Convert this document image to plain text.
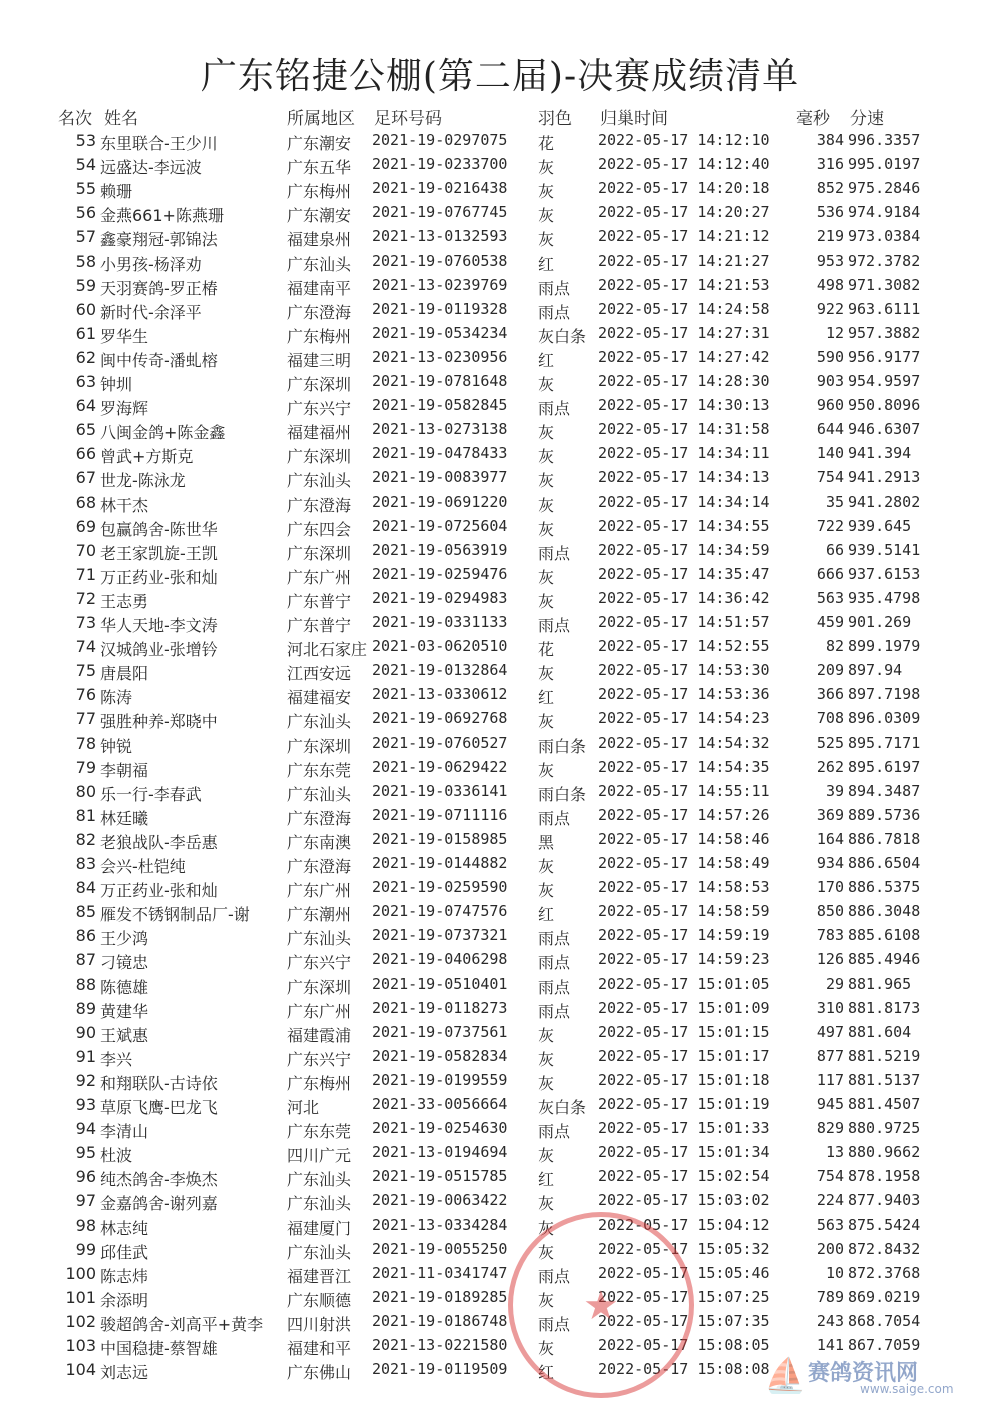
广东铭捷公棚(第二届)-决赛成绩清单
名次 姓名	所属地区 足环号码	羽色 归巢时间	毫秒 分速
53 东里联合-王少川	广东潮安	2021-19-0297075	花	2022-05-17 14:12:10	384 996.3357
54 远盛达-李远波	广东五华	2021-19-0233700	灰	2022-05-17 14:12:40	316 995.0197
55 赖珊	广东梅州	2021-19-0216438	灰	2022-05-17 14:20:18	852 975.2846
56 金燕661+陈燕珊	广东潮安	2021-19-0767745	灰	2022-05-17 14:20:27	536 974.9184
57 鑫豪翔冠-郭锦法	福建泉州	2021-13-0132593	灰	2022-05-17 14:21:12	219 973.0384
58 小男孩-杨泽劝	广东汕头	2021-19-0760538	红	2022-05-17 14:21:27	953 972.3782
59 天羽赛鸽-罗正椿	福建南平	2021-13-0239769	雨点	2022-05-17 14:21:53	498 971.3082
60 新时代-余泽平	广东澄海	2021-19-0119328	雨点	2022-05-17 14:24:58	922 963.6111
61 罗华生	广东梅州	2021-19-0534234	灰白条 2022-05-17 14:27:31	12 957.3882
62 闽中传奇-潘虬榕	福建三明	2021-13-0230956	红	2022-05-17 14:27:42	590 956.9177
63 钟圳	广东深圳	2021-19-0781648	灰	2022-05-17 14:28:30	903 954.9597
64 罗海辉	广东兴宁	2021-19-0582845	雨点	2022-05-17 14:30:13	960 950.8096
65 八闽金鸽+陈金鑫	福建福州	2021-13-0273138	灰	2022-05-17 14:31:58	644 946.6307
66 曾武+方斯克	广东深圳	2021-19-0478433	灰	2022-05-17 14:34:11	140 941.394
67 世龙-陈泳龙	广东汕头	2021-19-0083977	灰	2022-05-17 14:34:13	754 941.2913
68 林干杰	广东澄海	2021-19-0691220	灰	2022-05-17 14:34:14	35 941.2802
69 包赢鸽舍-陈世华	广东四会	2021-19-0725604	灰	2022-05-17 14:34:55	722 939.645
70 老王家凯旋-王凯	广东深圳	2021-19-0563919	雨点	2022-05-17 14:34:59	66 939.5141
71 万正药业-张和灿	广东广州	2021-19-0259476	灰	2022-05-17 14:35:47	666 937.6153
72 王志勇	广东普宁	2021-19-0294983	灰	2022-05-17 14:36:42	563 935.4798
73 华人天地-李文涛	广东普宁	2021-19-0331133	雨点	2022-05-17 14:51:57	459 901.269
74 汉城鸽业-张增钤	河北石家庄 2021-03-0620510	花	2022-05-17 14:52:55	82 899.1979
75 唐晨阳	江西安远	2021-19-0132864	灰	2022-05-17 14:53:30	209 897.94
76 陈涛	福建福安	2021-13-0330612	红	2022-05-17 14:53:36	366 897.7198
77 强胜种养-郑晓中	广东汕头	2021-19-0692768	灰	2022-05-17 14:54:23	708 896.0309
78 钟锐	广东深圳	2021-19-0760527	雨白条 2022-05-17 14:54:32	525 895.7171
79 李朝福	广东东莞	2021-19-0629422	灰	2022-05-17 14:54:35	262 895.6197
80 乐一行-李春武	广东汕头	2021-19-0336141	雨白条 2022-05-17 14:55:11	39 894.3487
81 林廷曦	广东澄海	2021-19-0711116	雨点	2022-05-17 14:57:26	369 889.5736
82 老狼战队-李岳惠	广东南澳	2021-19-0158985	黑	2022-05-17 14:58:46	164 886.7818
83 会兴-杜铠纯	广东澄海	2021-19-0144882	灰	2022-05-17 14:58:49	934 886.6504
84 万正药业-张和灿	广东广州	2021-19-0259590	灰	2022-05-17 14:58:53	170 886.5375
85 雁发不锈钢制品厂-谢	广东潮州	2021-19-0747576	红	2022-05-17 14:58:59	850 886.3048
86 王少鸿	广东汕头	2021-19-0737321	雨点	2022-05-17 14:59:19	783 885.6108
87 刁镜忠	广东兴宁	2021-19-0406298	雨点	2022-05-17 14:59:23	126 885.4946
88 陈德雄	广东深圳	2021-19-0510401	雨点	2022-05-17 15:01:05	29 881.965
89 黄建华	广东广州	2021-19-0118273	雨点	2022-05-17 15:01:09	310 881.8173
90 王斌惠	福建霞浦	2021-19-0737561	灰	2022-05-17 15:01:15	497 881.604
91 李兴	广东兴宁	2021-19-0582834	灰	2022-05-17 15:01:17	877 881.5219
92 和翔联队-古诗依	广东梅州	2021-19-0199559	灰	2022-05-17 15:01:18	117 881.5137
93 草原飞鹰-巴龙飞	河北	2021-33-0056664	灰白条 2022-05-17 15:01:19	945 881.4507
94 李清山	广东东莞	2021-19-0254630	雨点	2022-05-17 15:01:33	829 880.9725
95 杜波	四川广元	2021-13-0194694	灰	2022-05-17 15:01:34	13 880.9662
96 纯杰鸽舍-李焕杰	广东汕头	2021-19-0515785	红	2022-05-17 15:02:54	754 878.1958
97 金嘉鸽舍-谢列嘉	广东汕头	2021-19-0063422	灰	2022-05-17 15:03:02	224 877.9403
98 林志纯	福建厦门	2021-13-0334284	灰	2022-05-17 15:04:12	563 875.5424
99 邱佳武	广东汕头	2021-19-0055250	灰	2022-05-17 15:05:32	200 872.8432
100 陈志炜	福建晋江	2021-11-0341747	雨点	2022-05-17 15:05:46	10 872.3768
101 余添明	广东顺德	2021-19-0189285	灰	2022-05-17 15:07:25	789 869.0219
102 骏超鸽舍-刘高平+黄李	四川射洪	2021-19-0186748	雨点	2022-05-17 15:07:35	243 868.7054
103 中国稳捷-蔡智雄	福建和平	2021-13-0221580	灰	2022-05-17 15:08:05	141 867.7059
104 刘志远	广东佛山	2021-19-0119509	红	2022-05-17 15:08:08
★
⛵ 赛鸽资讯网
www.saige.com
